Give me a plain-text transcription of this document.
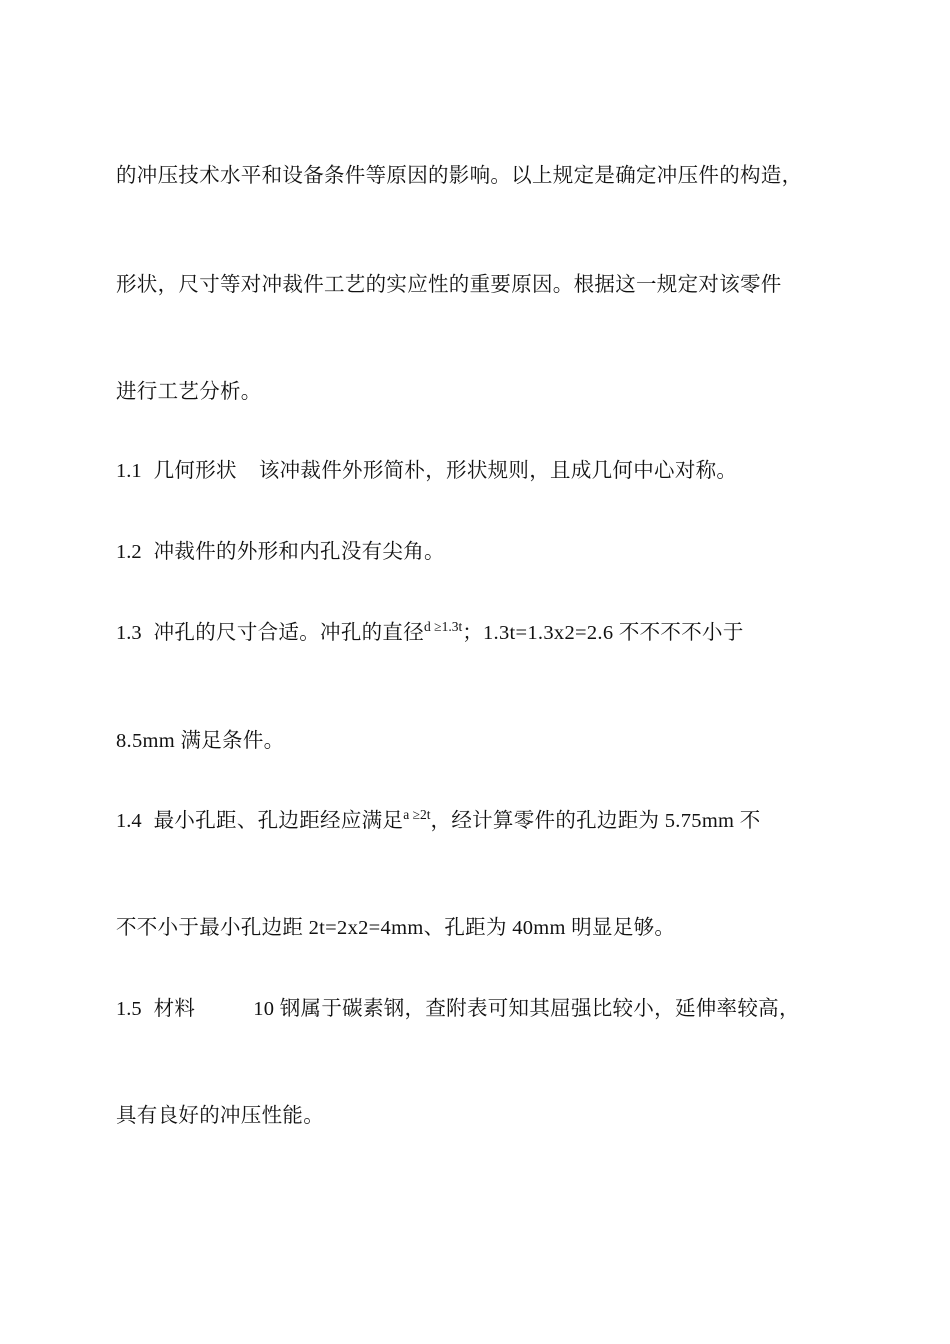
的冲压技术水平和设备条件等原因的影响。以上规定是确定冲压件的构造，
形状，尺寸等对冲裁件工艺的实应性的重要原因。根据这一规定对该零件
进行工艺分析。
1.1 几何形状 该冲裁件外形简朴，形状规则，且成几何中心对称。
1.2 冲裁件的外形和内孔没有尖角。
1.3 冲孔的尺寸合适。冲孔的直径$^{d \ge 1.3t}$；1.3t=1.3x2=2.6 不不不不小于
8.5mm 满足条件。
1.4 最小孔距、孔边距经应满足$^{a \ge 2t}$，经计算零件的孔边距为 5.75mm 不
不不小于最小孔边距 2t=2x2=4mm、孔距为 40mm 明显足够。
1.5 材料	10 钢属于碳素钢，查附表可知其屈强比较小，延伸率较高，
具有良好的冲压性能。
